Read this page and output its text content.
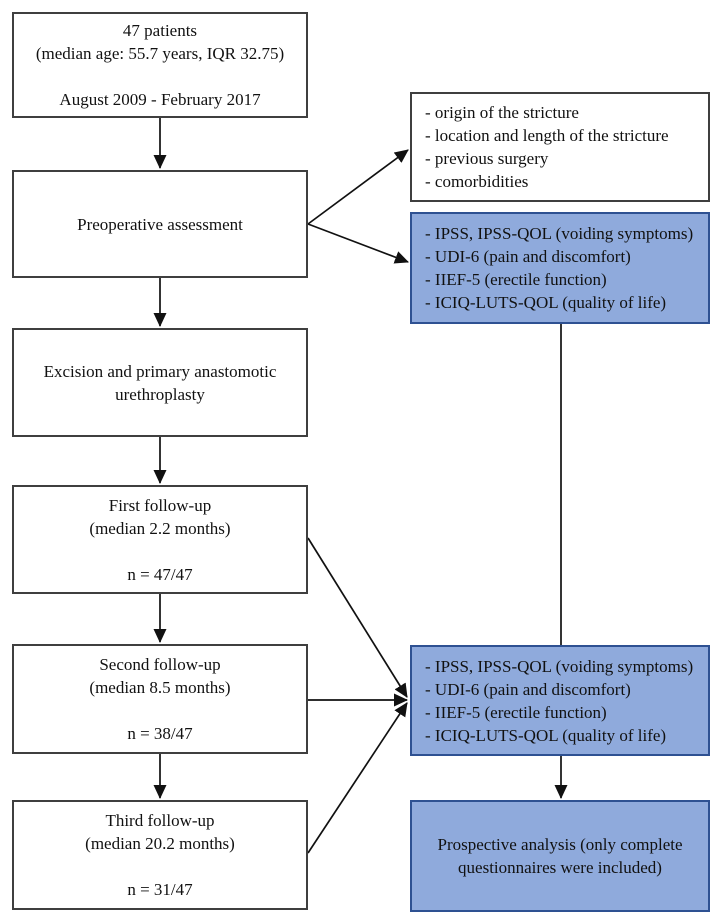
47 patients
(median age: 55.7 years, IQR 32.75)
August 2009 - February 2017
Preoperative assessment
Excision and primary anastomotic
urethroplasty
First follow-up
(median 2.2 months)
n = 47/47
Second follow-up
(median 8.5 months)
n = 38/47
Third follow-up
(median 20.2 months)
n = 31/47
- origin of the stricture
- location and length of the stricture
- previous surgery
- comorbidities
- IPSS, IPSS-QOL (voiding symptoms)
- UDI-6 (pain and discomfort)
- IIEF-5 (erectile function)
- ICIQ-LUTS-QOL (quality of life)
- IPSS, IPSS-QOL (voiding symptoms)
- UDI-6 (pain and discomfort)
- IIEF-5 (erectile function)
- ICIQ-LUTS-QOL (quality of life)
Prospective analysis (only complete
questionnaires were included)
